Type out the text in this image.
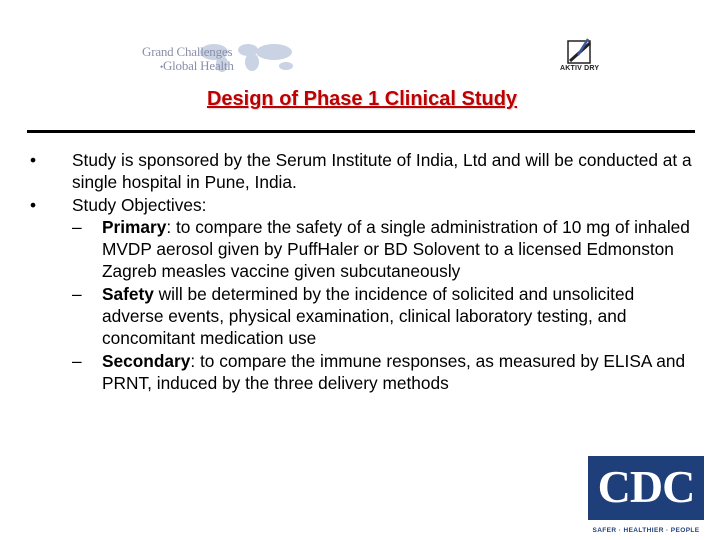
Grand Challenges
•Global Health	AKTIV DRY
Design of Phase 1 Clinical Study

• Study is sponsored by the Serum Institute of India, Ltd and will be conducted at a single hospital in Pune, India.

• Study Objectives:

– Primary: to compare the safety of a single administration of 10 mg of inhaled MVDP aerosol given by PuffHaler or BD Solovent to a licensed Edmonston Zagreb measles vaccine given subcutaneously

– Safety will be determined by the incidence of solicited and unsolicited adverse events, physical examination, clinical laboratory testing, and concomitant medication use

– Secondary: to compare the immune responses, as measured by ELISA and PRNT, induced by the three delivery methods

CDC
SAFER · HEALTHIER · PEOPLE
